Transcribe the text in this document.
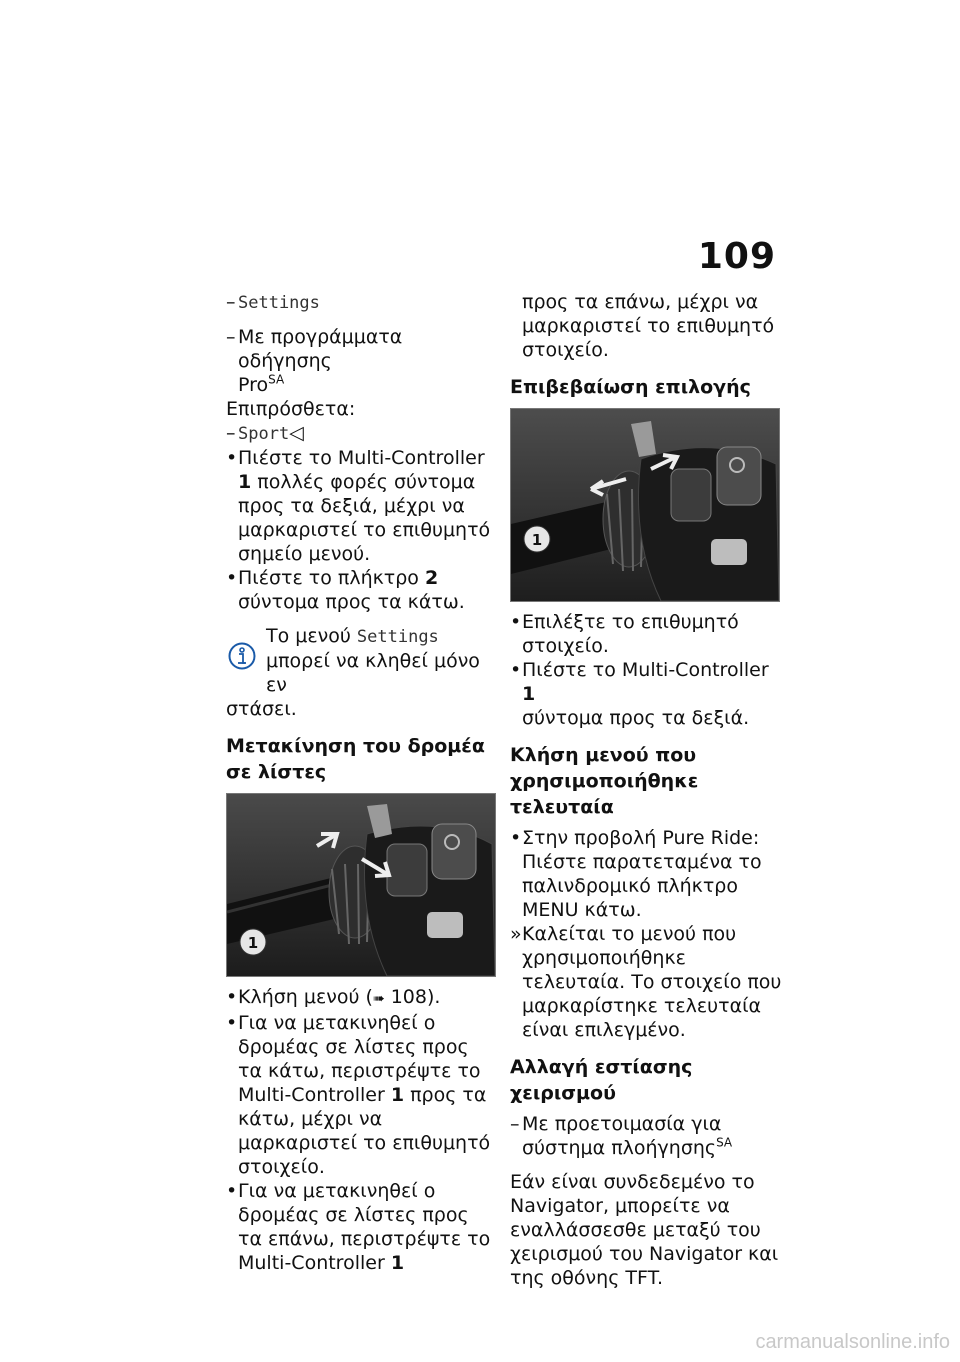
109

– Settings

– Με προγράμματα οδήγησης
Pro$^{SA}$

Επιπρόσθετα:

– Sport◁

• Πιέστε το Multi-Controller 1 πολλές φορές σύντομα προς τα δεξιά, μέχρι να μαρκαριστεί το επιθυμητό σημείο μενού.

• Πιέστε το πλήκτρο 2 σύντομα προς τα κάτω.

Το μενού Settings
μπορεί να κληθεί μόνο εν

στάσει.

Μετακίνηση του δρομέα σε λίστες
1

• Κλήση μενού (➠ 108).

• Για να μετακινηθεί ο δρομέας σε λίστες προς τα κάτω, περιστρέψτε το Multi-Controller 1 προς τα κάτω, μέχρι να μαρκαριστεί το επιθυμητό στοιχείο.

• Για να μετακινηθεί ο δρομέας σε λίστες προς τα επάνω, περιστρέψτε το Multi-Controller 1

προς τα επάνω, μέχρι να μαρκαριστεί το επιθυμητό στοιχείο.

Επιβεβαίωση επιλογής
1

• Επιλέξτε το επιθυμητό στοιχείο.

• Πιέστε το Multi-Controller 1
σύντομα προς τα δεξιά.

Κλήση μενού που χρησιμοποιήθηκε τελευταία

• Στην προβολή Pure Ride: Πιέστε παρατεταμένα το παλινδρομικό πλήκτρο MENU κάτω.

» Καλείται το μενού που χρησιμοποιήθηκε τελευταία. Το στοιχείο που μαρκαρίστηκε τελευταία είναι επιλεγμένο.

Αλλαγή εστίασης χειρισμού

– Με προετοιμασία για σύστημα πλοήγησης$^{SA}$

Εάν είναι συνδεδεμένο το Navigator, μπορείτε να εναλλάσσεσθε μεταξύ του χειρισμού του Navigator και της οθόνης TFT.

carmanualsonline.info
